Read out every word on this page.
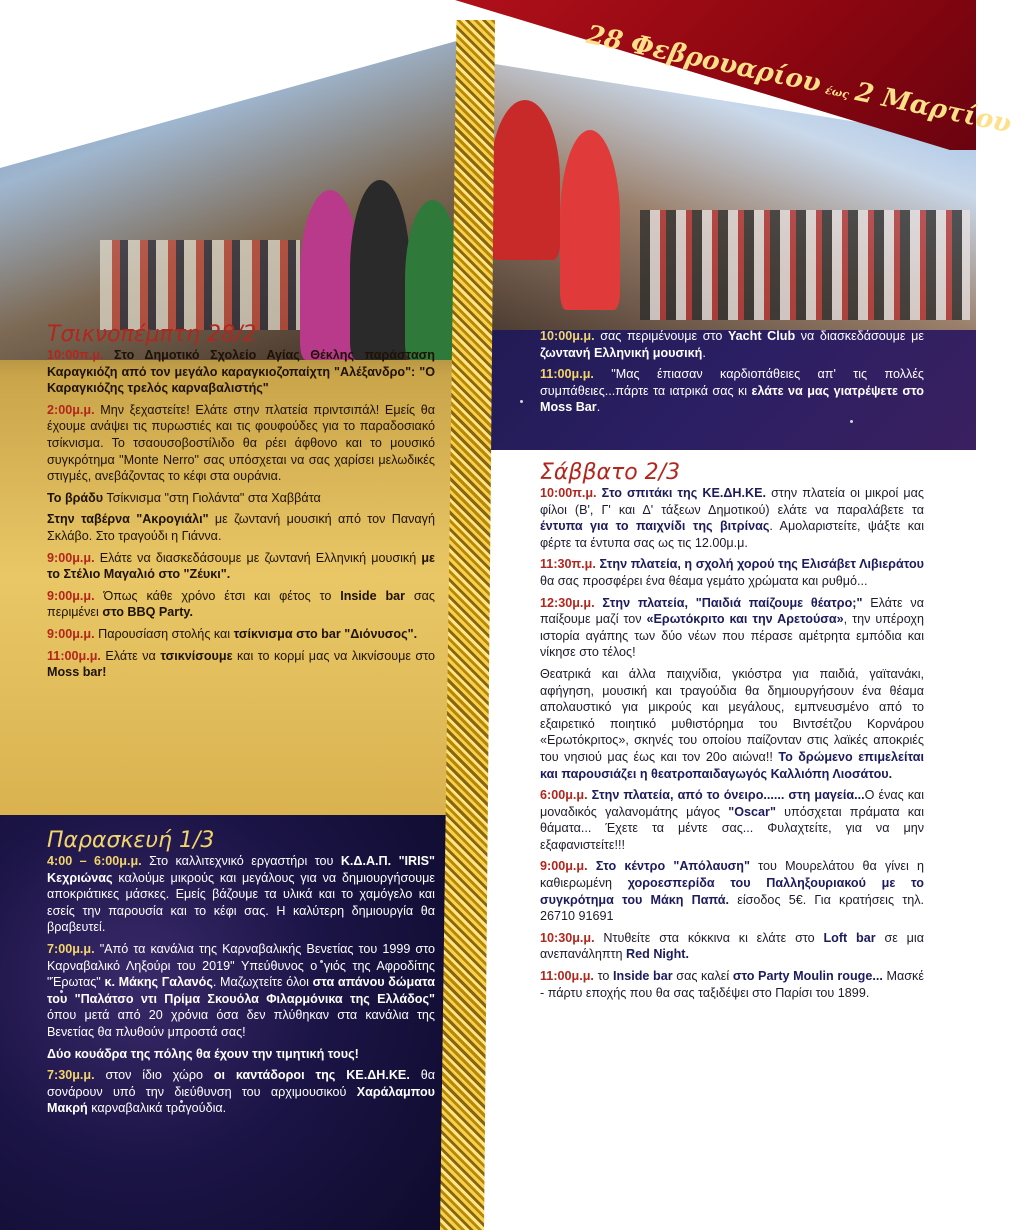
28 Φεβρουαρίουέως2 Μαρτίου
Τσικνοπέμπτη 28/2

10:00π.μ. Στο Δημοτικό Σχολείο Αγίας Θέκλης παράσταση Καραγκιόζη από τον μεγάλο καραγκιοζοπαίχτη "Αλέξανδρο": "Ο Καραγκιόζης τρελός καρναβαλιστής"

2:00μ.μ. Μην ξεχαστείτε! Ελάτε στην πλατεία πριντσιπάλ! Εμείς θα έχουμε ανάψει τις πυρωστιές και τις φουφούδες για το παραδοσιακό τσίκνισμα. Το τσαουσοβοστίλιδο θα ρέει άφθονο και το μουσικό συγκρότημα "Monte Nerro" σας υπόσχεται να σας χαρίσει μελωδικές στιγμές, ανεβάζοντας το κέφι στα ουράνια.

Το βράδυ Τσίκνισμα "στη Γιολάντα" στα Χαββάτα

Στην ταβέρνα "Ακρογιάλι" με ζωντανή μουσική από τον Παναγή Σκλάβο. Στο τραγούδι η Γιάννα.

9:00μ.μ. Ελάτε να διασκεδάσουμε με ζωντανή Ελληνική μουσική με το Στέλιο Μαγαλιό στο "Ζέυκι".

9:00μ.μ. Όπως κάθε χρόνο έτσι και φέτος το Inside bar σας περιμένει στο BBQ Party.

9:00μ.μ. Παρουσίαση στολής και τσίκνισμα στο bar "Διόνυσος".

11:00μ.μ. Ελάτε να τσικνίσουμε και το κορμί μας να λικνίσουμε στο Moss bar!

Παρασκευή 1/3

4:00 – 6:00μ.μ. Στο καλλιτεχνικό εργαστήρι του Κ.Δ.Α.Π. "IRIS" Κεχριώνας καλούμε μικρούς και μεγάλους για να δημιουργήσουμε αποκριάτικες μάσκες. Εμείς βάζουμε τα υλικά και το χαμόγελο και εσείς την παρουσία και το κέφι σας. Η καλύτερη δημιουργία θα βραβευτεί.

7:00μ.μ. "Από τα κανάλια της Καρναβαλικής Βενετίας του 1999 στο Καρναβαλικό Ληξούρι του 2019" Υπεύθυνος ο γιός της Αφροδίτης "Έρωτας" κ. Μάκης Γαλανός. Μαζωχτείτε όλοι στα απάνου δώματα του "Παλάτσο ντι Πρίμα Σκουόλα Φιλαρμόνικα της Ελλάδος" όπου μετά από 20 χρόνια όσα δεν πλύθηκαν στα κανάλια της Βενετίας θα πλυθούν μπροστά σας!

Δύο κουάδρα της πόλης θα έχουν την τιμητική τους!

7:30μ.μ. στον ίδιο χώρο οι καντάδοροι της ΚΕ.ΔΗ.ΚΕ. θα σονάρουν υπό την διεύθυνση του αρχιμουσικού Χαράλαμπου Μακρή καρναβαλικά τραγούδια.

10:00μ.μ. σας περιμένουμε στο Yacht Club να διασκεδάσουμε με ζωντανή Ελληνική μουσική.

11:00μ.μ. "Μας έπιασαν καρδιοπάθειες απ' τις πολλές συμπάθειες...πάρτε τα ιατρικά σας κι ελάτε να μας γιατρέψετε στο Moss Bar.

Σάββατο 2/3

10:00π.μ. Στο σπιτάκι της ΚΕ.ΔΗ.ΚΕ. στην πλατεία οι μικροί μας φίλοι (Β', Γ' και Δ' τάξεων Δημοτικού) ελάτε να παραλάβετε τα έντυπα για το παιχνίδι της βιτρίνας. Αμολαριστείτε, ψάξτε και φέρτε τα έντυπα σας ως τις 12.00μ.μ.

11:30π.μ. Στην πλατεία, η σχολή χορού της Ελισάβετ Λιβιεράτου θα σας προσφέρει ένα θέαμα γεμάτο χρώματα και ρυθμό...

12:30μ.μ. Στην πλατεία, "Παιδιά παίζουμε θέατρο;" Ελάτε να παίξουμε μαζί τον «Ερωτόκριτο και την Αρετούσα», την υπέροχη ιστορία αγάπης των δύο νέων που πέρασε αμέτρητα εμπόδια και νίκησε στο τέλος!

Θεατρικά και άλλα παιχνίδια, γκιόστρα για παιδιά, γαϊτανάκι, αφήγηση, μουσική και τραγούδια θα δημιουργήσουν ένα θέαμα απολαυστικό για μικρούς και μεγάλους, εμπνευσμένο από το εξαιρετικό ποιητικό μυθιστόρημα του Βιντσέτζου Κορνάρου «Ερωτόκριτος», σκηνές του οποίου παίζονταν στις λαϊκές αποκριές του νησιού μας έως και τον 20ο αιώνα!! Το δρώμενο επιμελείται και παρουσιάζει η θεατροπαιδαγωγός Καλλιόπη Λιοσάτου.

6:00μ.μ. Στην πλατεία, από το όνειρο...... στη μαγεία...Ο ένας και μοναδικός γαλανομάτης μάγος "Oscar" υπόσχεται πράματα και θάματα... Έχετε τα μέντε σας... Φυλαχτείτε, για να μην εξαφανιστείτε!!!

9:00μ.μ. Στο κέντρο "Απόλαυση" του Μουρελάτου θα γίνει η καθιερωμένη χοροεσπερίδα του Παλληξουριακού με το συγκρότημα του Μάκη Παπά. είσοδος 5€. Για κρατήσεις τηλ. 26710 91691

10:30μ.μ. Ντυθείτε στα κόκκινα κι ελάτε στο Loft bar σε μια ανεπανάληπτη Red Night.

11:00μ.μ. το Inside bar σας καλεί στο Party Moulin rouge... Μασκέ - πάρτυ εποχής που θα σας ταξιδέψει στο Παρίσι του 1899.
